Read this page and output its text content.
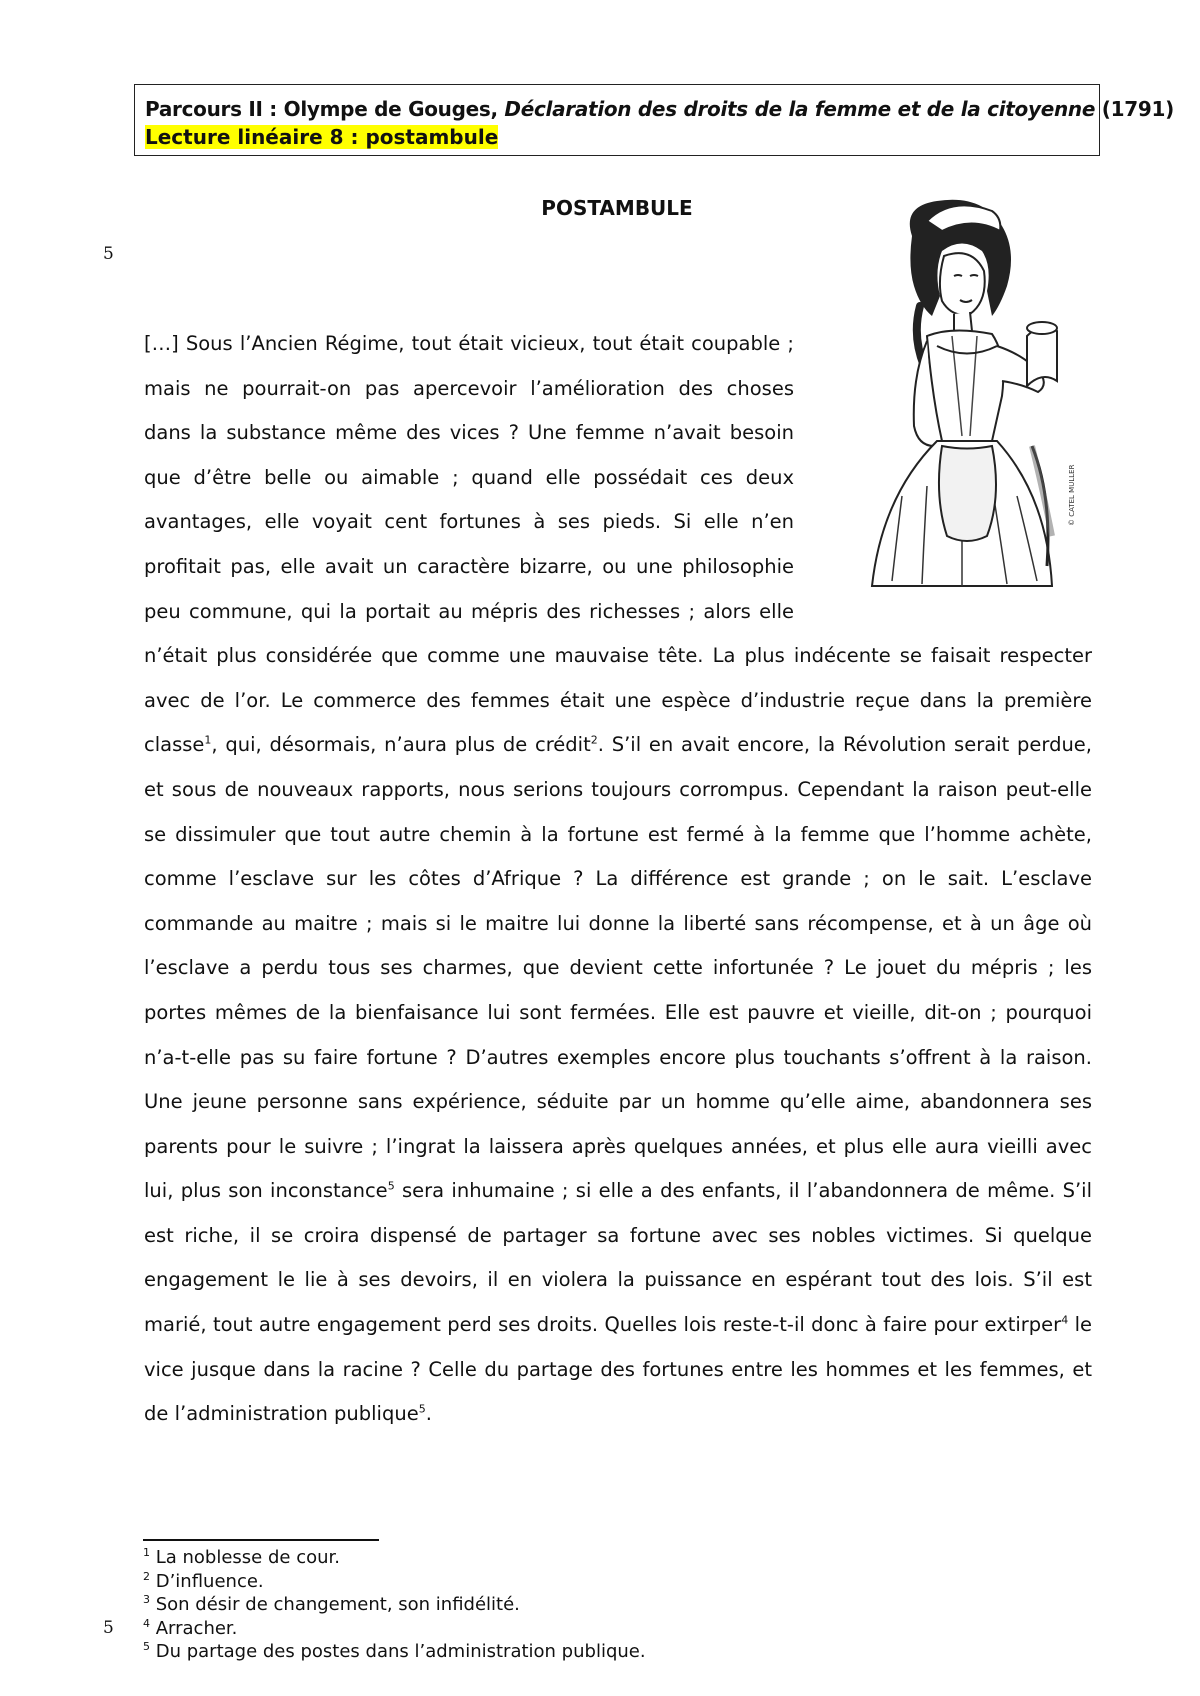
Parcours II : Olympe de Gouges, Déclaration des droits de la femme et de la citoyenne (1791)
Lecture linéaire 8 : postambule
POSTAMBULE
5
5
© CATEL MULLER
[…] Sous l’Ancien Régime, tout était vicieux, tout était coupable ;
mais ne pourrait-on pas apercevoir l’amélioration des choses
dans la substance même des vices ? Une femme n’avait besoin
que d’être belle ou aimable ; quand elle possédait ces deux
avantages, elle voyait cent fortunes à ses pieds. Si elle n’en
profitait pas, elle avait un caractère bizarre, ou une philosophie
peu commune, qui la portait au mépris des richesses ; alors elle
n’était plus considérée que comme une mauvaise tête. La plus indécente se faisait respecter avec de l’or. Le commerce des femmes était une espèce d’industrie reçue dans la première classe$^1$, qui, désormais, n’aura plus de crédit$^2$. S’il en avait encore, la Révolution serait perdue, et sous de nouveaux rapports, nous serions toujours corrompus. Cependant la raison peut-elle se dissimuler que tout autre chemin à la fortune est fermé à la femme que l’homme achète, comme l’esclave sur les côtes d’Afrique ? La différence est grande ; on le sait. L’esclave commande au maitre ; mais si le maitre lui donne la liberté sans récompense, et à un âge où l’esclave a perdu tous ses charmes, que devient cette infortunée ? Le jouet du mépris ; les portes mêmes de la bienfaisance lui sont fermées. Elle est pauvre et vieille, dit-on ; pourquoi n’a-t-elle pas su faire fortune ? D’autres exemples encore plus touchants s’offrent à la raison. Une jeune personne sans expérience, séduite par un homme qu’elle aime, abandonnera ses parents pour le suivre ; l’ingrat la laissera après quelques années, et plus elle aura vieilli avec lui, plus son inconstance$^5$ sera inhumaine ; si elle a des enfants, il l’abandonnera de même. S’il est riche, il se croira dispensé de partager sa fortune avec ses nobles victimes. Si quelque engagement le lie à ses devoirs, il en violera la puissance en espérant tout des lois. S’il est marié, tout autre engagement perd ses droits. Quelles lois reste-t-il donc à faire pour extirper$^4$ le vice jusque dans la racine ? Celle du partage des fortunes entre les hommes et les femmes, et de l’administration publique$^5$.
$^1$ La noblesse de cour.
$^2$ D’influence.
$^3$ Son désir de changement, son infidélité.
$^4$ Arracher.
$^5$ Du partage des postes dans l’administration publique.
